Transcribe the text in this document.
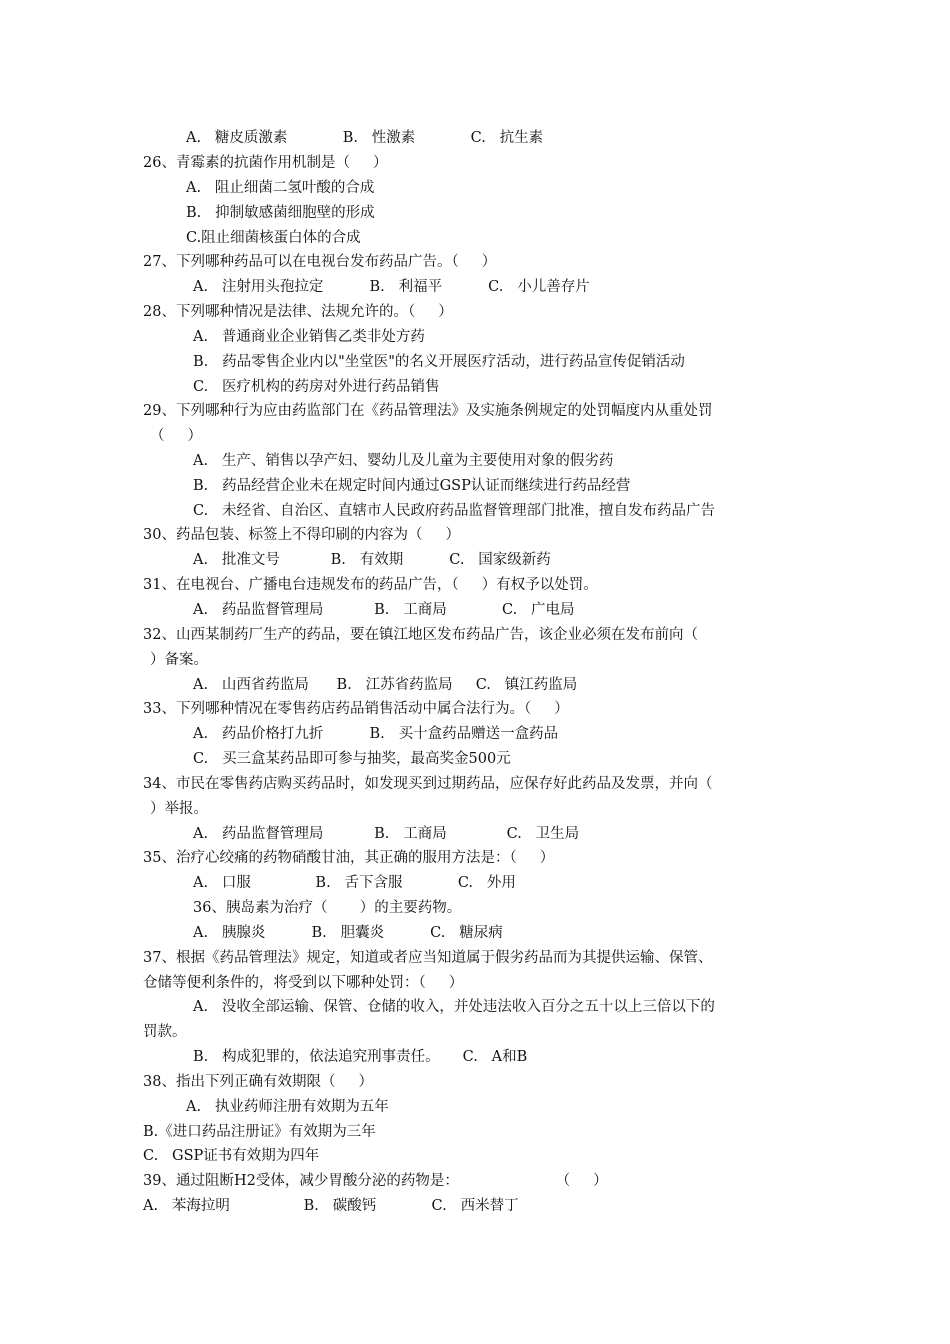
A.   糖皮质激素            B.   性激素            C.   抗生素
26、青霉素的抗菌作用机制是（     ）
A.   阻止细菌二氢叶酸的合成
B.   抑制敏感菌细胞壁的形成
C.阻止细菌核蛋白体的合成
27、下列哪种药品可以在电视台发布药品广告。（     ）
A.   注射用头孢拉定          B.   利福平          C.   小儿善存片
28、下列哪种情况是法律、法规允许的。（     ）
A.   普通商业企业销售乙类非处方药
B.   药品零售企业内以"坐堂医"的名义开展医疗活动，进行药品宣传促销活动
C.   医疗机构的药房对外进行药品销售
29、下列哪种行为应由药监部门在《药品管理法》及实施条例规定的处罚幅度内从重处罚
（     ）
A.   生产、销售以孕产妇、婴幼儿及儿童为主要使用对象的假劣药
B.   药品经营企业未在规定时间内通过GSP认证而继续进行药品经营
C.   未经省、自治区、直辖市人民政府药品监督管理部门批准，擅自发布药品广告
30、药品包装、标签上不得印刷的内容为（     ）
A.   批准文号           B.   有效期          C.   国家级新药
31、在电视台、广播电台违规发布的药品广告，（     ）有权予以处罚。
A.   药品监督管理局           B.   工商局            C.   广电局
32、山西某制药厂生产的药品，要在镇江地区发布药品广告，该企业必须在发布前向（
）备案。
A.   山西省药监局      B.   江苏省药监局     C.   镇江药监局
33、下列哪种情况在零售药店药品销售活动中属合法行为。（     ）
A.   药品价格打九折          B.   买十盒药品赠送一盒药品
C.   买三盒某药品即可参与抽奖，最高奖金500元
34、市民在零售药店购买药品时，如发现买到过期药品，应保存好此药品及发票，并向（
）举报。
A.   药品监督管理局           B.   工商局             C.   卫生局
35、治疗心绞痛的药物硝酸甘油，其正确的服用方法是：（     ）
A.   口服              B.   舌下含服            C.   外用
36、胰岛素为治疗（       ）的主要药物。
A.   胰腺炎          B.   胆囊炎          C.   糖尿病
37、根据《药品管理法》规定，知道或者应当知道属于假劣药品而为其提供运输、保管、
仓储等便利条件的，将受到以下哪种处罚：（     ）
A.   没收全部运输、保管、仓储的收入，并处违法收入百分之五十以上三倍以下的
罚款。
B.   构成犯罪的，依法追究刑事责任。     C.   A和B
38、指出下列正确有效期限（     ）
A.   执业药师注册有效期为五年
B.《进口药品注册证》有效期为三年
C.   GSP证书有效期为四年
39、通过阻断H2受体，减少胃酸分泌的药物是：                     （     ）
A.   苯海拉明                B.   碳酸钙            C.   西米替丁
